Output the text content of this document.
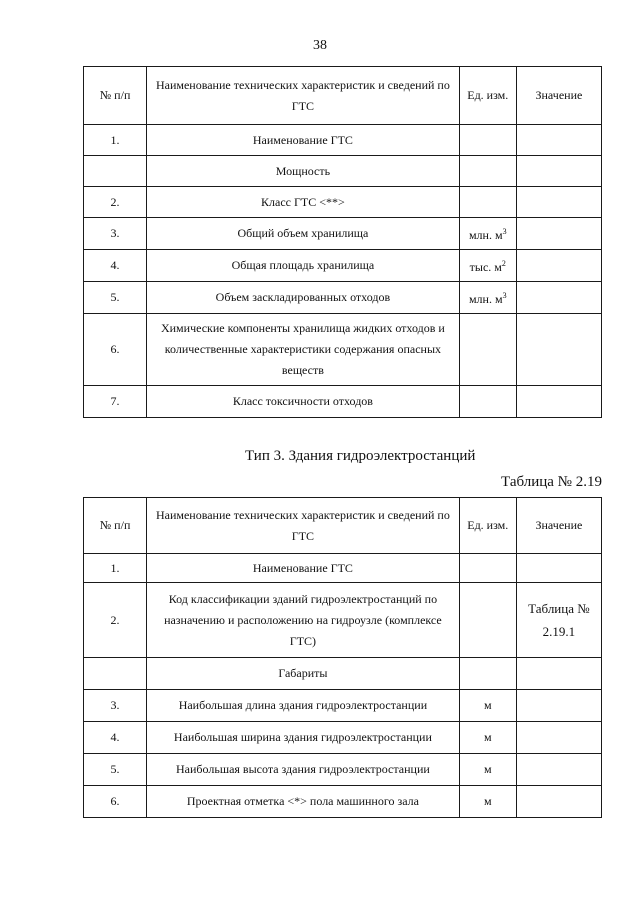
38
№ п/п	Наименование технических характеристик и сведений по ГТС	Ед. изм.	Значение
1.	Наименование ГТС		
	Мощность		
2.	Класс ГТС <**>		
3.	Общий объем хранилища	млн. $м^3$	
4.	Общая площадь хранилища	тыс. $м^2$	
5.	Объем заскладированных отходов	млн. $м^3$	
6.	Химические компоненты хранилища жидких отходов и количественные характеристики содержания опасных веществ		
7.	Класс токсичности отходов		
Тип 3. Здания гидроэлектростанций
Таблица № 2.19
№ п/п	Наименование технических характеристик и сведений по ГТС	Ед. изм.	Значение
1.	Наименование ГТС		
2.	Код классификации зданий гидроэлектростанций по назначению и расположению на гидроузле (комплексе ГТС)		Таблица № 2.19.1
	Габариты		
3.	Наибольшая длина здания гидроэлектростанции	м	
4.	Наибольшая ширина здания гидроэлектростанции	м	
5.	Наибольшая высота здания гидроэлектростанции	м	
6.	Проектная отметка <*> пола машинного зала	м	
